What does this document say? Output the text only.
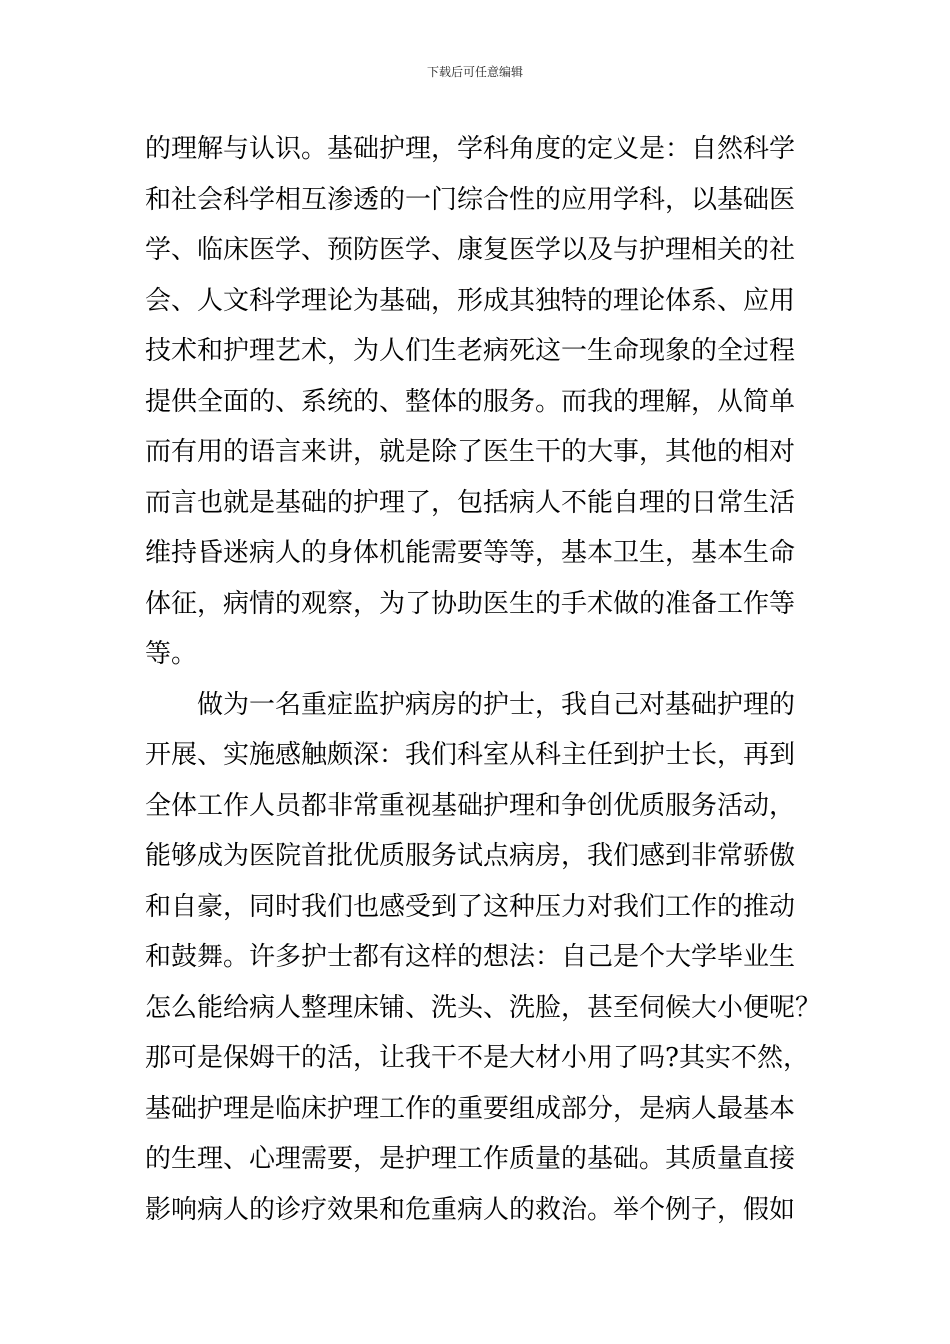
下载后可任意编辑
的理解与认识。基础护理，学科角度的定义是：自然科学
和社会科学相互渗透的一门综合性的应用学科，以基础医
学、临床医学、预防医学、康复医学以及与护理相关的社
会、人文科学理论为基础，形成其独特的理论体系、应用
技术和护理艺术，为人们生老病死这一生命现象的全过程
提供全面的、系统的、整体的服务。而我的理解，从简单
而有用的语言来讲，就是除了医生干的大事，其他的相对
而言也就是基础的护理了，包括病人不能自理的日常生活
维持昏迷病人的身体机能需要等等，基本卫生，基本生命
体征，病情的观察，为了协助医生的手术做的准备工作等
等。
做为一名重症监护病房的护士，我自己对基础护理的
开展、实施感触颇深：我们科室从科主任到护士长，再到
全体工作人员都非常重视基础护理和争创优质服务活动，
能够成为医院首批优质服务试点病房，我们感到非常骄傲
和自豪，同时我们也感受到了这种压力对我们工作的推动
和鼓舞。许多护士都有这样的想法：自己是个大学毕业生
怎么能给病人整理床铺、洗头、洗脸，甚至伺候大小便呢？
那可是保姆干的活，让我干不是大材小用了吗?其实不然，
基础护理是临床护理工作的重要组成部分，是病人最基本
的生理、心理需要，是护理工作质量的基础。其质量直接
影响病人的诊疗效果和危重病人的救治。举个例子，假如
